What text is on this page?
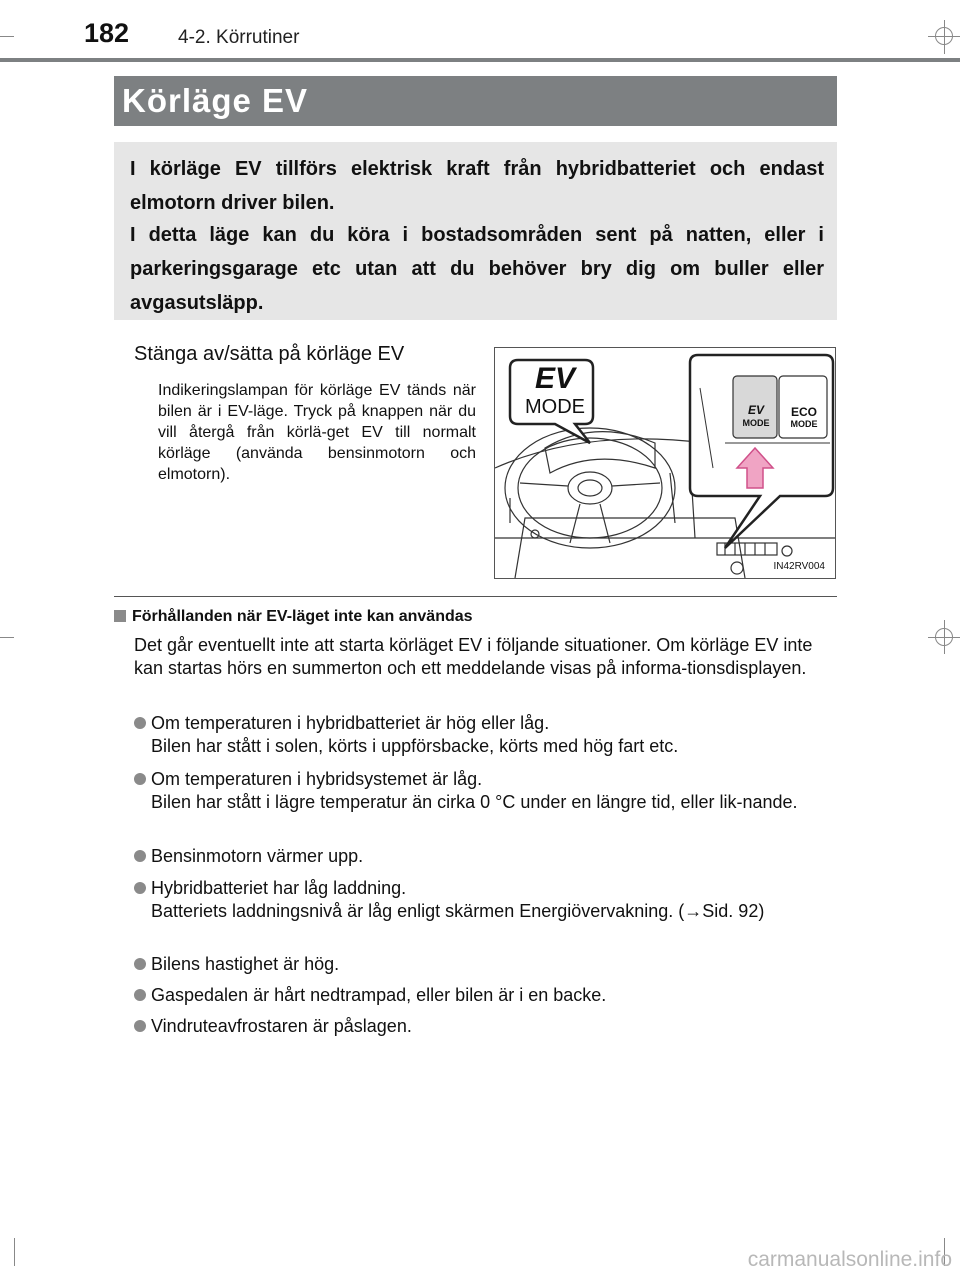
182	4-2. Körrutiner
Körläge EV

I körläge EV tillförs elektrisk kraft från hybridbatteriet och endast elmotorn driver bilen.

I detta läge kan du köra i bostadsområden sent på natten, eller i parkeringsgarage etc utan att du behöver bry dig om buller eller avgasutsläpp.

Stänga av/sätta på körläge EV

Indikeringslampan för körläge EV tänds när bilen är i EV-läge. Tryck på knappen när du vill återgå från körlä-get EV till normalt körläge (använda bensinmotorn och elmotorn).

EV
MODE	EV
MODE
ECO
MODE
IN42RV004
Förhållanden när EV-läget inte kan användas

Det går eventuellt inte att starta körläget EV i följande situationer. Om körläge EV inte kan startas hörs en summerton och ett meddelande visas på informa-tionsdisplayen.

Om temperaturen i hybridbatteriet är hög eller låg.
Bilen har stått i solen, körts i uppförsbacke, körts med hög fart etc.
Om temperaturen i hybridsystemet är låg.
Bilen har stått i lägre temperatur än cirka 0 °C under en längre tid, eller lik-nande.
Bensinmotorn värmer upp.
Hybridbatteriet har låg laddning.
Batteriets laddningsnivå är låg enligt skärmen Energiövervakning. (→Sid. 92)
Bilens hastighet är hög.
Gaspedalen är hårt nedtrampad, eller bilen är i en backe.
Vindruteavfrostaren är påslagen.
carmanualsonline.info
